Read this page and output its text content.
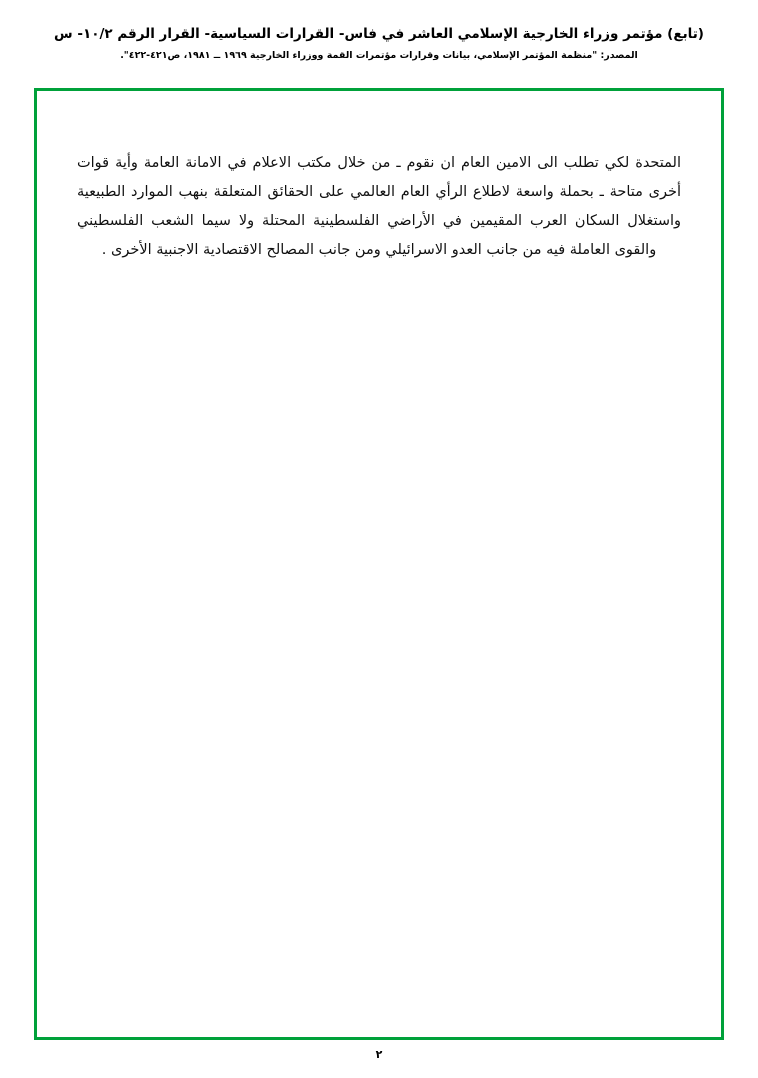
(تابع) مؤتمر وزراء الخارجية الإسلامي العاشر في فاس- القرارات السياسية- القرار الرقم ١٠/٢- س
المصدر: "منظمة المؤتمر الإسلامي، بيانات وقرارات مؤتمرات القمة ووزراء الخارجية ١٩٦٩ ــ ١٩٨١، ص٤٢١-٤٢٢".
المتحدة لكي تطلب الى الامين العام ان نقوم ـ من خلال مكتب الاعلام في الامانة العامة وأية قوات أخرى متاحة ـ بحملة واسعة لاطلاع الرأي العام العالمي على الحقائق المتعلقة بنهب الموارد الطبيعية واستغلال السكان العرب المقيمين في الأراضي الفلسطينية المحتلة ولا سيما الشعب الفلسطيني والقوى العاملة فيه من جانب العدو الاسرائيلي ومن جانب المصالح الاقتصادية الاجنبية الأخرى .
٢
